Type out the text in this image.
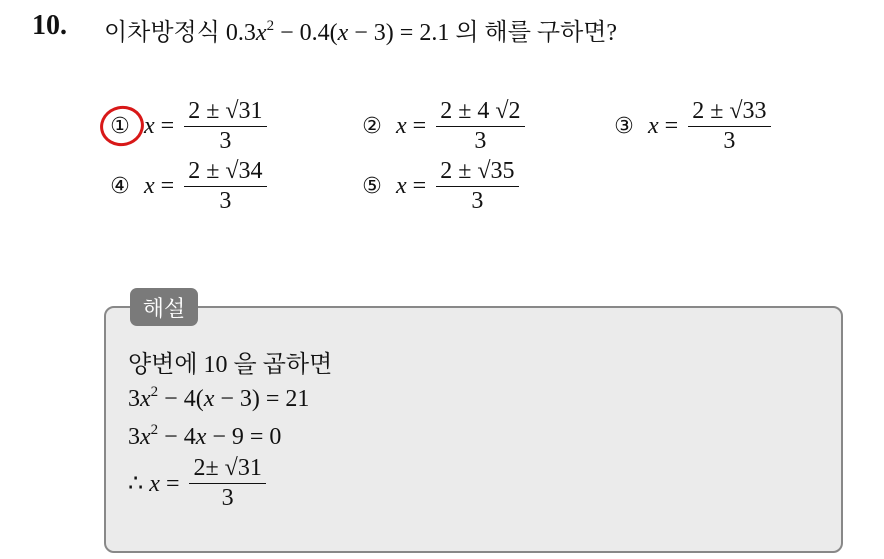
10. 이차방정식 $0.3x^2 - 0.4(x - 3) = 2.1$ 의 해를 구하면?
① $x = \frac{2 \pm √31}{3}$	② $x = \frac{2 \pm 4 √2}{3}$	③ $x = \frac{2 \pm √33}{3}$
④ $x = \frac{2 \pm √34}{3}$	⑤ $x = \frac{2 \pm √35}{3}$
해설
양변에 10 을 곱하면
$3x^2 - 4(x - 3) = 21$
$3x^2 - 4x - 9 = 0$
∴ $x = \frac{2\pm √31}{3}$
